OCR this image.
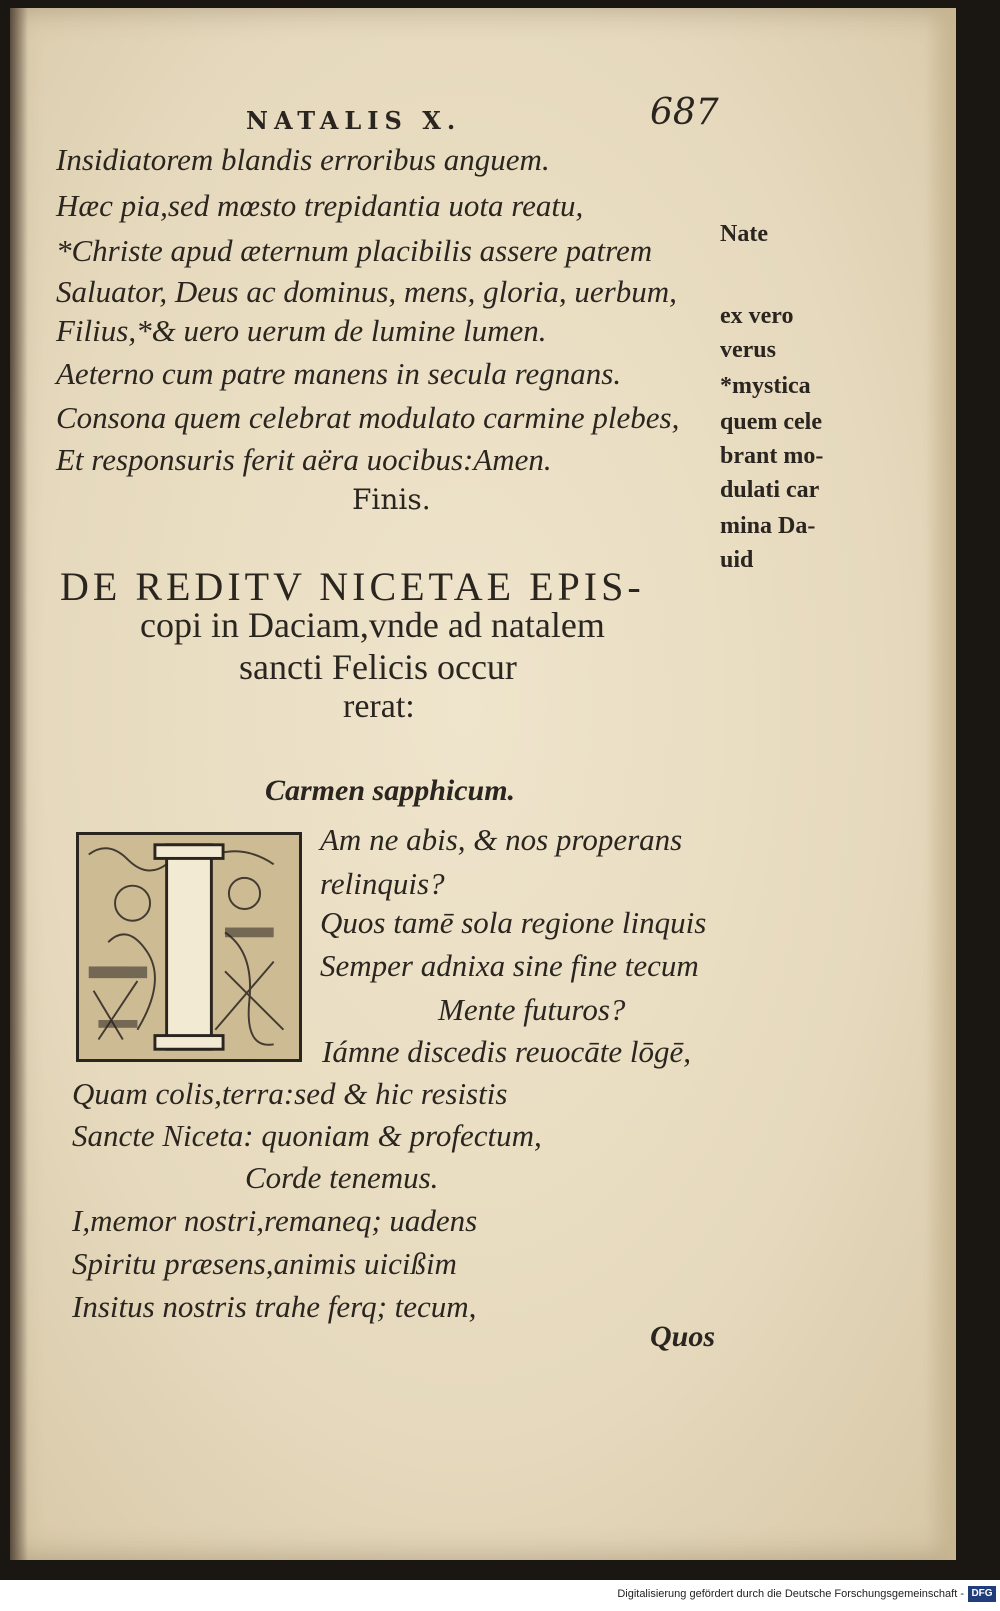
NATALIS X.	687
Insidiatorem blandis erroribus anguem.
Hæc pia,sed mœsto trepidantia uota reatu,
*Christe apud æternum placibilis assere patrem
Saluator, Deus ac dominus, mens, gloria, uerbum,
Filius,*& uero uerum de lumine lumen.
Aeterno cum patre manens in secula regnans.
Consona quem celebrat modulato carmine plebes,
Et responsuris ferit aëra uocibus:Amen.
Finis.
Nate
ex vero
verus
*mystica
quem cele
brant mo-
dulati car
mina Da-
uid
DE REDITV NICETAE EPIS-
copi in Daciam,vnde ad natalem
sancti Felicis occur
rerat:
Carmen sapphicum.
Am ne abis, & nos properans
relinquis?
Quos tamē sola regione linquis
Semper adnixa sine fine tecum
Mente futuros?
Iámne discedis reuocāte lōgē,
Quam colis,terra:sed & hic resistis
Sancte Niceta: quoniam & profectum,
Corde tenemus.
I,memor nostri,remaneq; uadens
Spiritu præsens,animis uicißim
Insitus nostris trahe ferq; tecum,
Quos
Digitalisierung gefördert durch die Deutsche Forschungsgemeinschaft - DFG
